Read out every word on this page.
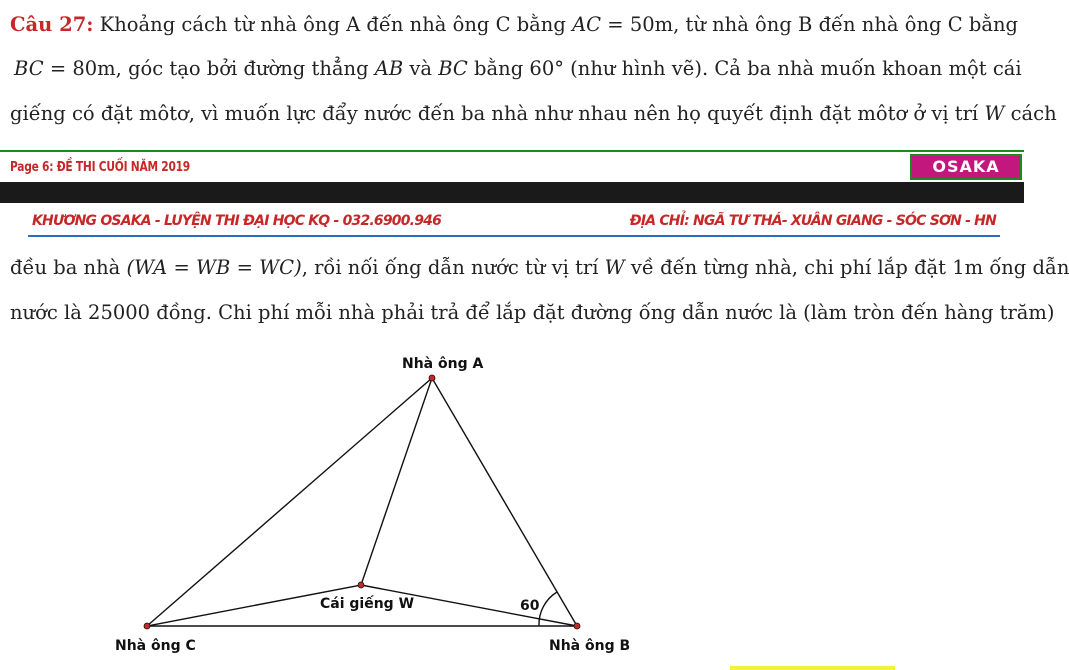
Câu 27: Khoảng cách từ nhà ông A đến nhà ông C bằng AC = 50m, từ nhà ông B đến nhà ông C bằng
BC = 80m, góc tạo bởi đường thẳng AB và BC bằng 60° (như hình vẽ). Cả ba nhà muốn khoan một cái
giếng có đặt môtơ, vì muốn lực đẩy nước đến ba nhà như nhau nên họ quyết định đặt môtơ ở vị trí W cách
Page 6: ĐỀ THI CUỐI NĂM 2019	OSAKA
KHƯƠNG OSAKA - LUYỆN THI ĐẠI HỌC KQ - 032.6900.946	ĐỊA CHỈ: NGÃ TƯ THÁ- XUÂN GIANG - SÓC SƠN - HN
đều ba nhà (WA = WB = WC), rồi nối ống dẫn nước từ vị trí W về đến từng nhà, chi phí lắp đặt 1m ống dẫn
nước là 25000 đồng. Chi phí mỗi nhà phải trả để lắp đặt đường ống dẫn nước là (làm tròn đến hàng trăm)
Nhà ông A
Nhà ông B
Nhà ông C
Cái giếng W	60
